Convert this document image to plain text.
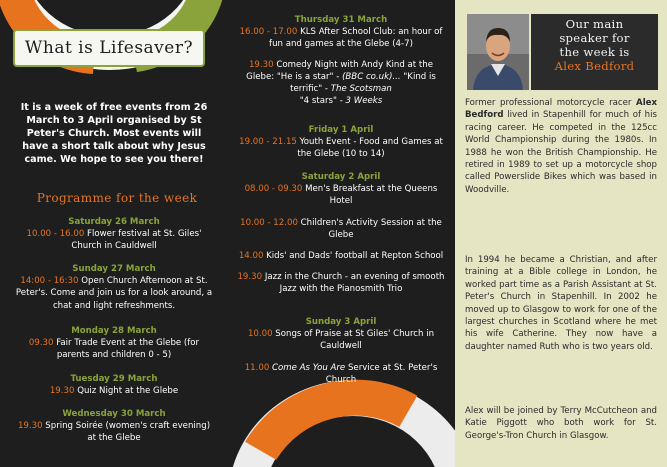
What is Lifesaver?
It is a week of free events from 26 March to 3 April organised by St Peter's Church. Most events will have a short talk about why Jesus came. We hope to see you there!
Programme for the week
Saturday 26 March
10.00 - 16.00 Flower festival at St. Giles' Church in Cauldwell
Sunday 27 March
14:00 - 16:30 Open Church Afternoon at St. Peter's. Come and join us for a look around, a chat and light refreshments.
Monday 28 March
09.30 Fair Trade Event at the Glebe (for parents and children 0 - 5)
Tuesday 29 March
19.30 Quiz Night at the Glebe
Wednesday 30 March
19.30 Spring Soirée (women's craft evening) at the Glebe
Thursday 31 March
16.00 - 17.00 KLS After School Club: an hour of fun and games at the Glebe (4-7)
19.30 Comedy Night with Andy Kind at the Glebe: "He is a star" - (BBC co.uk)... "Kind is terrific" - The Scotsman
"4 stars" - 3 Weeks
Friday 1 April
19.00 - 21.15 Youth Event - Food and Games at the Glebe (10 to 14)
Saturday 2 April
08.00 - 09.30 Men's Breakfast at the Queens Hotel
10.00 - 12.00 Children's Activity Session at the Glebe
14.00 Kids' and Dads' football at Repton School
19.30 Jazz in the Church - an evening of smooth Jazz with the Pianosmith Trio
Sunday 3 April
10.00 Songs of Praise at St Giles' Church in Cauldwell
11.00 Come As You Are Service at St. Peter's Church
Our main
speaker for
the week is
Alex Bedford
Former professional motorcycle racer Alex Bedford lived in Stapenhill for much of his racing career. He competed in the 125cc World Championship during the 1980s. In 1988 he won the British Championship. He retired in 1989 to set up a motorcycle shop called Powerslide Bikes which was based in Woodville.
In 1994 he became a Christian, and after training at a Bible college in London, he worked part time as a Parish Assistant at St. Peter's Church in Stapenhill. In 2002 he moved up to Glasgow to work for one of the largest churches in Scotland where he met his wife Catherine. They now have a daughter named Ruth who is two years old.
Alex will be joined by Terry McCutcheon and Katie Piggott who both work for St. George's-Tron Church in Glasgow.
